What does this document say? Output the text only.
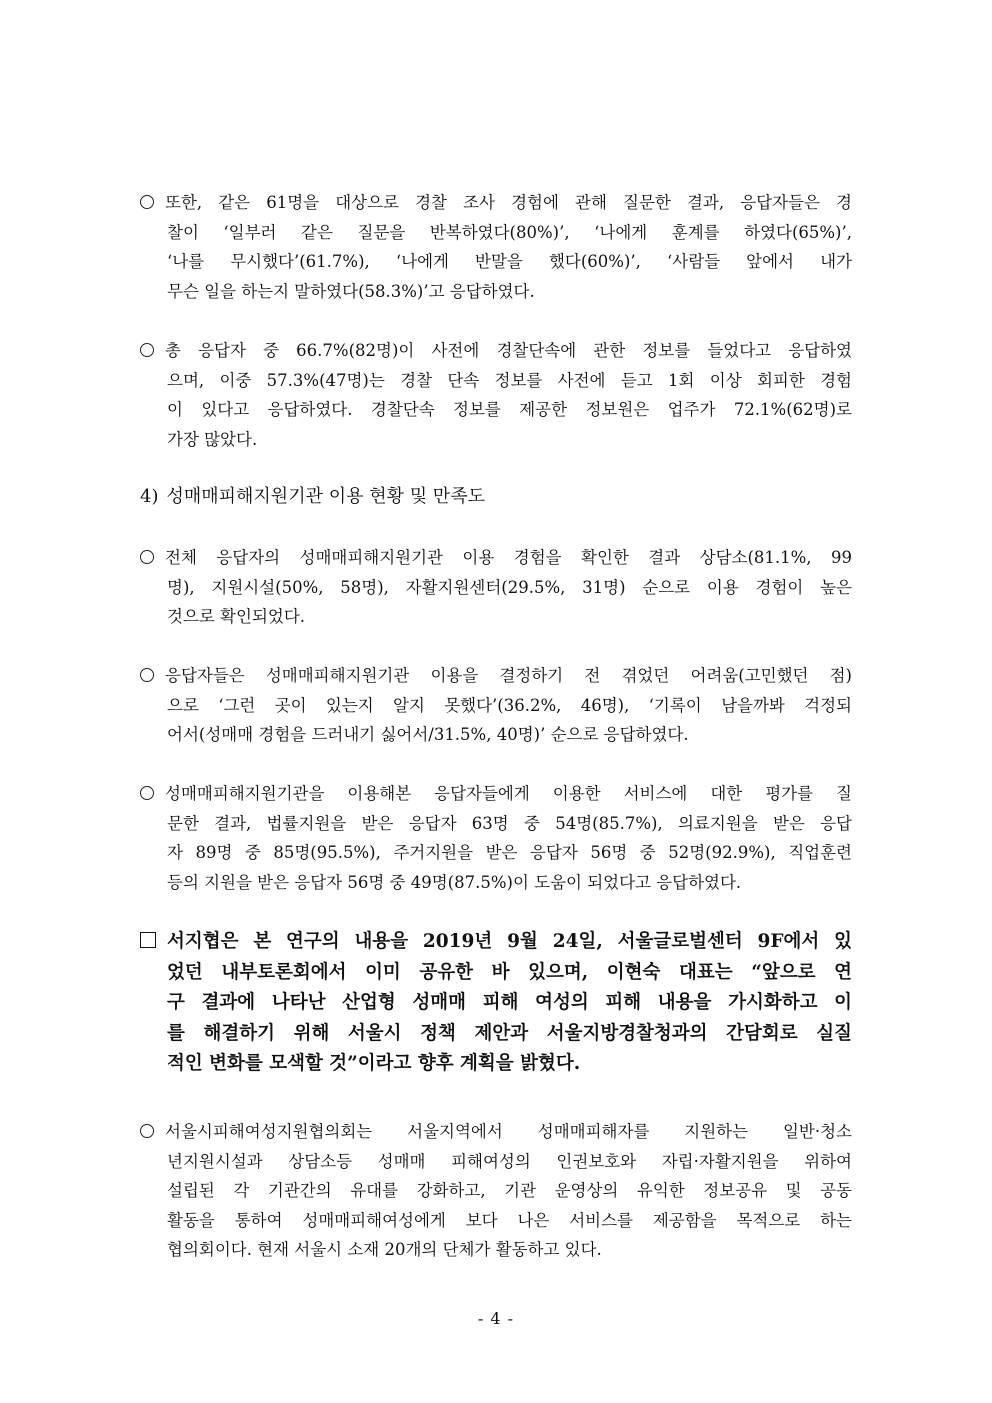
또한, 같은 61명을 대상으로 경찰 조사 경험에 관해 질문한 결과, 응답자들은 경
찰이 ‘일부러 같은 질문을 반복하였다(80%)’, ‘나에게 훈계를 하였다(65%)’,
‘나를 무시했다’(61.7%), ‘나에게 반말을 했다(60%)’, ‘사람들 앞에서 내가
무슨 일을 하는지 말하였다(58.3%)’고 응답하였다.
총 응답자 중 66.7%(82명)이 사전에 경찰단속에 관한 정보를 들었다고 응답하였
으며, 이중 57.3%(47명)는 경찰 단속 정보를 사전에 듣고 1회 이상 회피한 경험
이 있다고 응답하였다. 경찰단속 정보를 제공한 정보원은 업주가 72.1%(62명)로
가장 많았다.
4) 성매매피해지원기관 이용 현황 및 만족도
전체 응답자의 성매매피해지원기관 이용 경험을 확인한 결과 상담소(81.1%, 99
명), 지원시설(50%, 58명), 자활지원센터(29.5%, 31명) 순으로 이용 경험이 높은
것으로 확인되었다.
응답자들은 성매매피해지원기관 이용을 결정하기 전 겪었던 어려움(고민했던 점)
으로 ‘그런 곳이 있는지 알지 못했다’(36.2%, 46명), ‘기록이 남을까봐 걱정되
어서(성매매 경험을 드러내기 싫어서/31.5%, 40명)’ 순으로 응답하였다.
성매매피해지원기관을 이용해본 응답자들에게 이용한 서비스에 대한 평가를 질
문한 결과, 법률지원을 받은 응답자 63명 중 54명(85.7%), 의료지원을 받은 응답
자 89명 중 85명(95.5%), 주거지원을 받은 응답자 56명 중 52명(92.9%), 직업훈련
등의 지원을 받은 응답자 56명 중 49명(87.5%)이 도움이 되었다고 응답하였다.
서지협은 본 연구의 내용을 2019년 9월 24일, 서울글로벌센터 9F에서 있
었던 내부토론회에서 이미 공유한 바 있으며, 이현숙 대표는 “앞으로 연
구 결과에 나타난 산업형 성매매 피해 여성의 피해 내용을 가시화하고 이
를 해결하기 위해 서울시 정책 제안과 서울지방경찰청과의 간담회로 실질
적인 변화를 모색할 것”이라고 향후 계획을 밝혔다.
서울시피해여성지원협의회는 서울지역에서 성매매피해자를 지원하는 일반·청소
년지원시설과 상담소등 성매매 피해여성의 인권보호와 자립·자활지원을 위하여
설립된 각 기관간의 유대를 강화하고, 기관 운영상의 유익한 정보공유 및 공동
활동을 통하여 성매매피해여성에게 보다 나은 서비스를 제공함을 목적으로 하는
협의회이다. 현재 서울시 소재 20개의 단체가 활동하고 있다.
- 4 -
